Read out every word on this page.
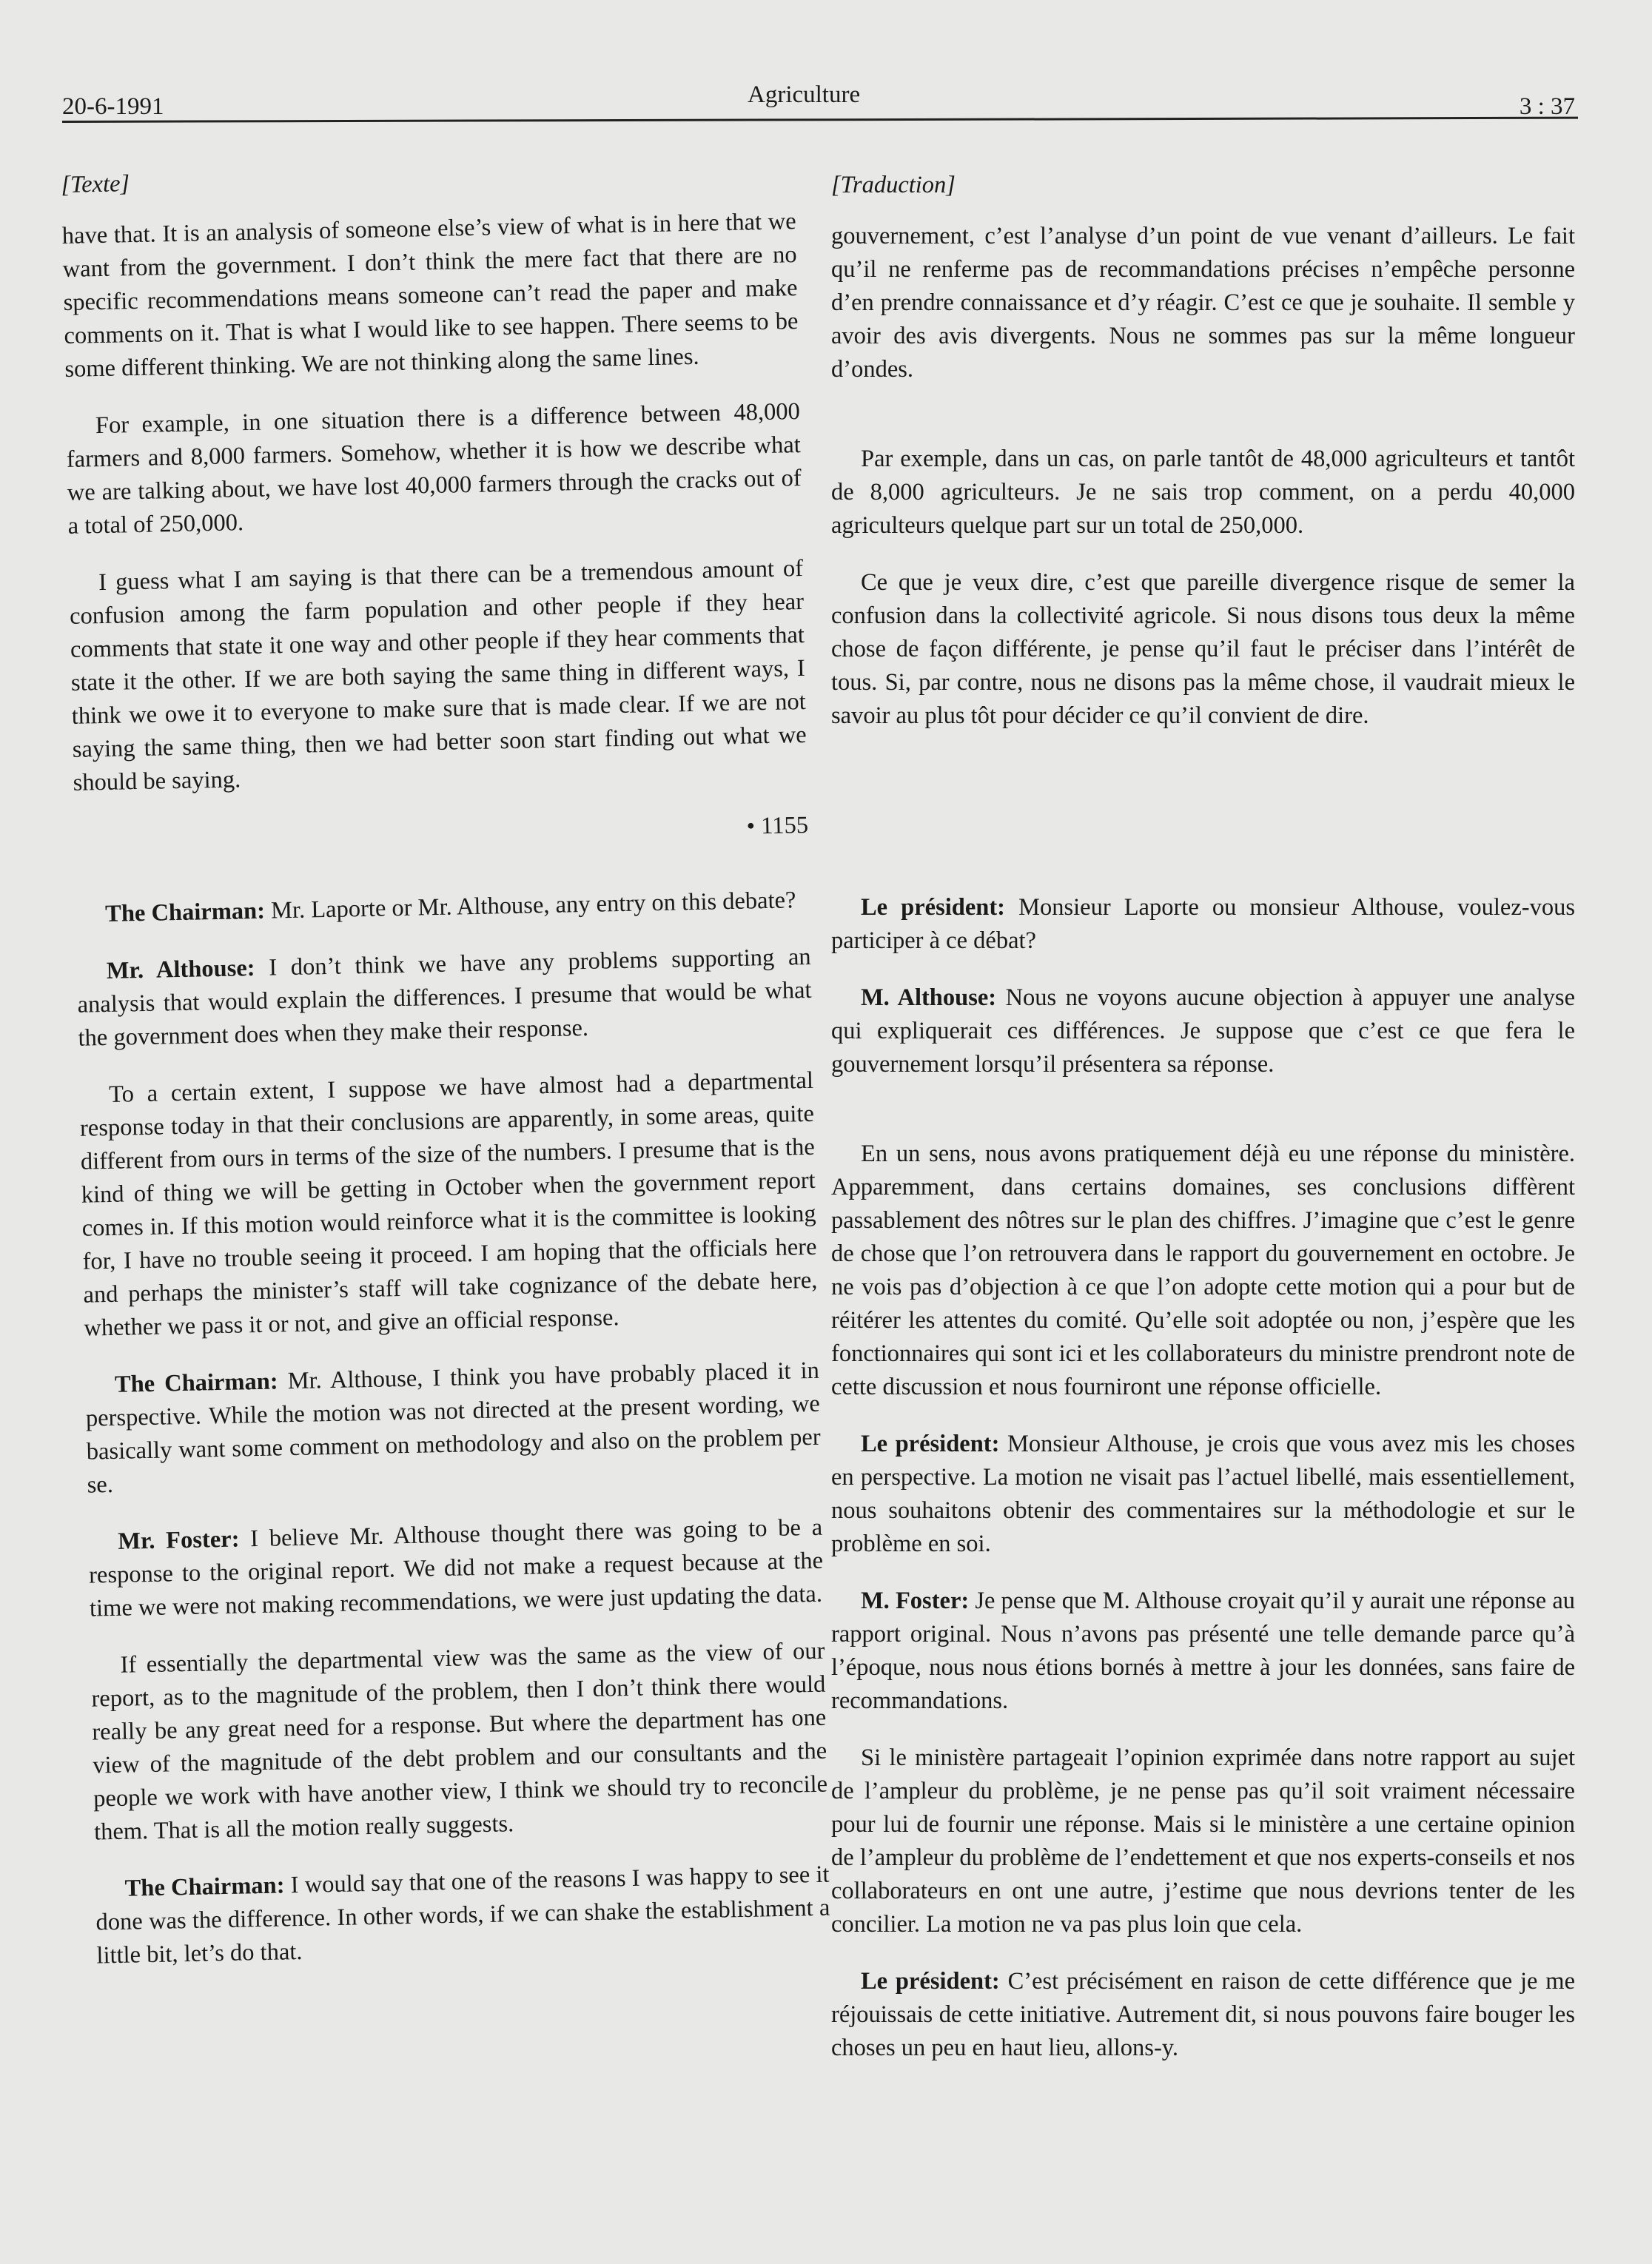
20-6-1991	Agriculture	3 : 37
[Texte]

have that. It is an analysis of someone else’s view of what is in here that we want from the government. I don’t think the mere fact that there are no specific recommendations means someone can’t read the paper and make comments on it. That is what I would like to see happen. There seems to be some different thinking. We are not thinking along the same lines.

For example, in one situation there is a difference between 48,000 farmers and 8,000 farmers. Somehow, whether it is how we describe what we are talking about, we have lost 40,000 farmers through the cracks out of a total of 250,000.

I guess what I am saying is that there can be a tremendous amount of confusion among the farm population and other people if they hear comments that state it one way and other people if they hear comments that state it the other. If we are both saying the same thing in different ways, I think we owe it to everyone to make sure that is made clear. If we are not saying the same thing, then we had better soon start finding out what we should be saying.

• 1155

The Chairman: Mr. Laporte or Mr. Althouse, any entry on this debate?

Mr. Althouse: I don’t think we have any problems supporting an analysis that would explain the differences. I presume that would be what the government does when they make their response.

To a certain extent, I suppose we have almost had a departmental response today in that their conclusions are apparently, in some areas, quite different from ours in terms of the size of the numbers. I presume that is the kind of thing we will be getting in October when the government report comes in. If this motion would reinforce what it is the committee is looking for, I have no trouble seeing it proceed. I am hoping that the officials here and perhaps the minister’s staff will take cognizance of the debate here, whether we pass it or not, and give an official response.

The Chairman: Mr. Althouse, I think you have probably placed it in perspective. While the motion was not directed at the present wording, we basically want some comment on methodology and also on the problem per se.

Mr. Foster: I believe Mr. Althouse thought there was going to be a response to the original report. We did not make a request because at the time we were not making recommendations, we were just updating the data.

If essentially the departmental view was the same as the view of our report, as to the magnitude of the problem, then I don’t think there would really be any great need for a response. But where the department has one view of the magnitude of the debt problem and our consultants and the people we work with have another view, I think we should try to reconcile them. That is all the motion really suggests.

The Chairman: I would say that one of the reasons I was happy to see it done was the difference. In other words, if we can shake the establishment a little bit, let’s do that.

[Traduction]

gouvernement, c’est l’analyse d’un point de vue venant d’ailleurs. Le fait qu’il ne renferme pas de recommandations précises n’empêche personne d’en prendre connaissance et d’y réagir. C’est ce que je souhaite. Il semble y avoir des avis divergents. Nous ne sommes pas sur la même longueur d’ondes.

Par exemple, dans un cas, on parle tantôt de 48,000 agriculteurs et tantôt de 8,000 agriculteurs. Je ne sais trop comment, on a perdu 40,000 agriculteurs quelque part sur un total de 250,000.

Ce que je veux dire, c’est que pareille divergence risque de semer la confusion dans la collectivité agricole. Si nous disons tous deux la même chose de façon différente, je pense qu’il faut le préciser dans l’intérêt de tous. Si, par contre, nous ne disons pas la même chose, il vaudrait mieux le savoir au plus tôt pour décider ce qu’il convient de dire.

Le président: Monsieur Laporte ou monsieur Althouse, voulez-vous participer à ce débat?

M. Althouse: Nous ne voyons aucune objection à appuyer une analyse qui expliquerait ces différences. Je suppose que c’est ce que fera le gouvernement lorsqu’il présentera sa réponse.

En un sens, nous avons pratiquement déjà eu une réponse du ministère. Apparemment, dans certains domaines, ses conclusions diffèrent passablement des nôtres sur le plan des chiffres. J’imagine que c’est le genre de chose que l’on retrouvera dans le rapport du gouvernement en octobre. Je ne vois pas d’objection à ce que l’on adopte cette motion qui a pour but de réitérer les attentes du comité. Qu’elle soit adoptée ou non, j’espère que les fonctionnaires qui sont ici et les collaborateurs du ministre prendront note de cette discussion et nous fourniront une réponse officielle.

Le président: Monsieur Althouse, je crois que vous avez mis les choses en perspective. La motion ne visait pas l’actuel libellé, mais essentiellement, nous souhaitons obtenir des commentaires sur la méthodologie et sur le problème en soi.

M. Foster: Je pense que M. Althouse croyait qu’il y aurait une réponse au rapport original. Nous n’avons pas présenté une telle demande parce qu’à l’époque, nous nous étions bornés à mettre à jour les données, sans faire de recommandations.

Si le ministère partageait l’opinion exprimée dans notre rapport au sujet de l’ampleur du problème, je ne pense pas qu’il soit vraiment nécessaire pour lui de fournir une réponse. Mais si le ministère a une certaine opinion de l’ampleur du problème de l’endettement et que nos experts-conseils et nos collaborateurs en ont une autre, j’estime que nous devrions tenter de les concilier. La motion ne va pas plus loin que cela.

Le président: C’est précisément en raison de cette différence que je me réjouissais de cette initiative. Autrement dit, si nous pouvons faire bouger les choses un peu en haut lieu, allons-y.
